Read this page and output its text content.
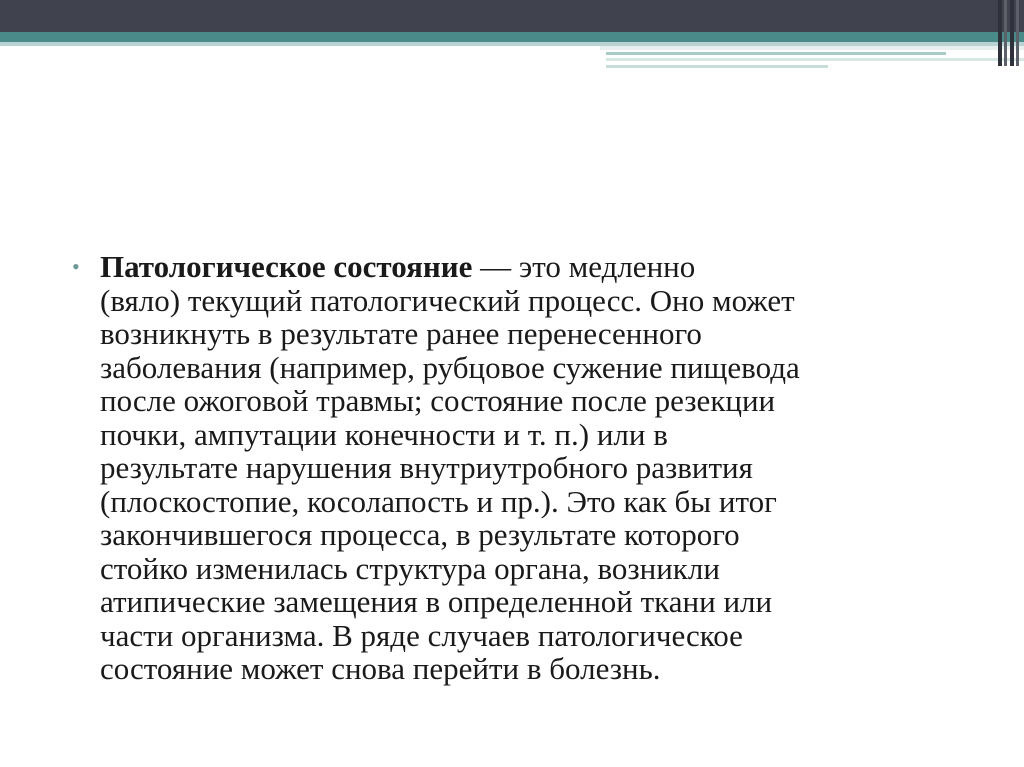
• Патологическое состояние — это медленно
(вяло) текущий патологический процесс. Оно может
возникнуть в результате ранее перенесенного
заболевания (например, рубцовое сужение пищевода
после ожоговой травмы; состояние после резекции
почки, ампутации конечности и т. п.) или в
результате нарушения внутриутробного развития
(плоскостопие, косолапость и пр.). Это как бы итог
закончившегося процесса, в результате которого
стойко изменилась структура органа, возникли
атипические замещения в определенной ткани или
части организма. В ряде случаев патологическое
состояние может снова перейти в болезнь.
